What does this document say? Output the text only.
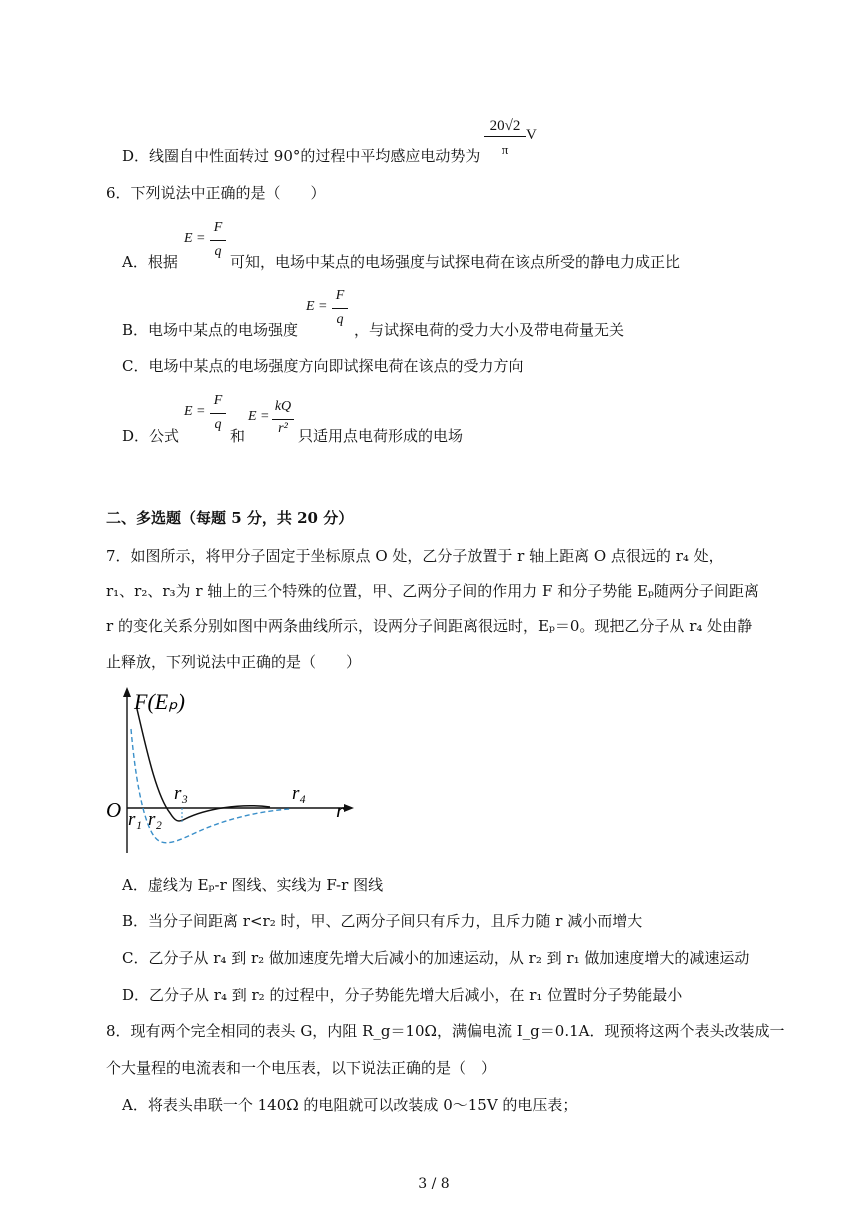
D．线圈自中性面转过 90°的过程中平均感应电动势为
20√2
π
V
6．下列说法中正确的是（　　）
A．根据
E =
F
q
可知，电场中某点的电场强度与试探电荷在该点所受的静电力成正比
B．电场中某点的电场强度
E =
F
q
，与试探电荷的受力大小及带电荷量无关
C．电场中某点的电场强度方向即试探电荷在该点的受力方向
D．公式
E =
F
q
和
E =
kQ
r² 只适用点电荷形成的电场
二、多选题（每题 5 分，共 20 分）
7．如图所示，将甲分子固定于坐标原点 O 处，乙分子放置于 r 轴上距离 O 点很远的 r₄ 处，
r₁、r₂、r₃为 r 轴上的三个特殊的位置，甲、乙两分子间的作用力 F 和分子势能 Eₚ随两分子间距离
r 的变化关系分别如图中两条曲线所示，设两分子间距离很远时，Eₚ＝0。现把乙分子从 r₄ 处由静
止释放，下列说法中正确的是（　　）
F(Eₚ)
O	r
r₁ r₂
r₃	r₄
A．虚线为 Eₚ-r 图线、实线为 F-r 图线
B．当分子间距离 r<r₂ 时，甲、乙两分子间只有斥力，且斥力随 r 减小而增大
C．乙分子从 r₄ 到 r₂ 做加速度先增大后减小的加速运动，从 r₂ 到 r₁ 做加速度增大的减速运动
D．乙分子从 r₄ 到 r₂ 的过程中，分子势能先增大后减小，在 r₁ 位置时分子势能最小
8．现有两个完全相同的表头 G，内阻 R_g＝10Ω，满偏电流 I_g＝0.1A．现预将这两个表头改装成一
个大量程的电流表和一个电压表，以下说法正确的是（　）
A．将表头串联一个 140Ω 的电阻就可以改装成 0～15V 的电压表；
3 / 8
